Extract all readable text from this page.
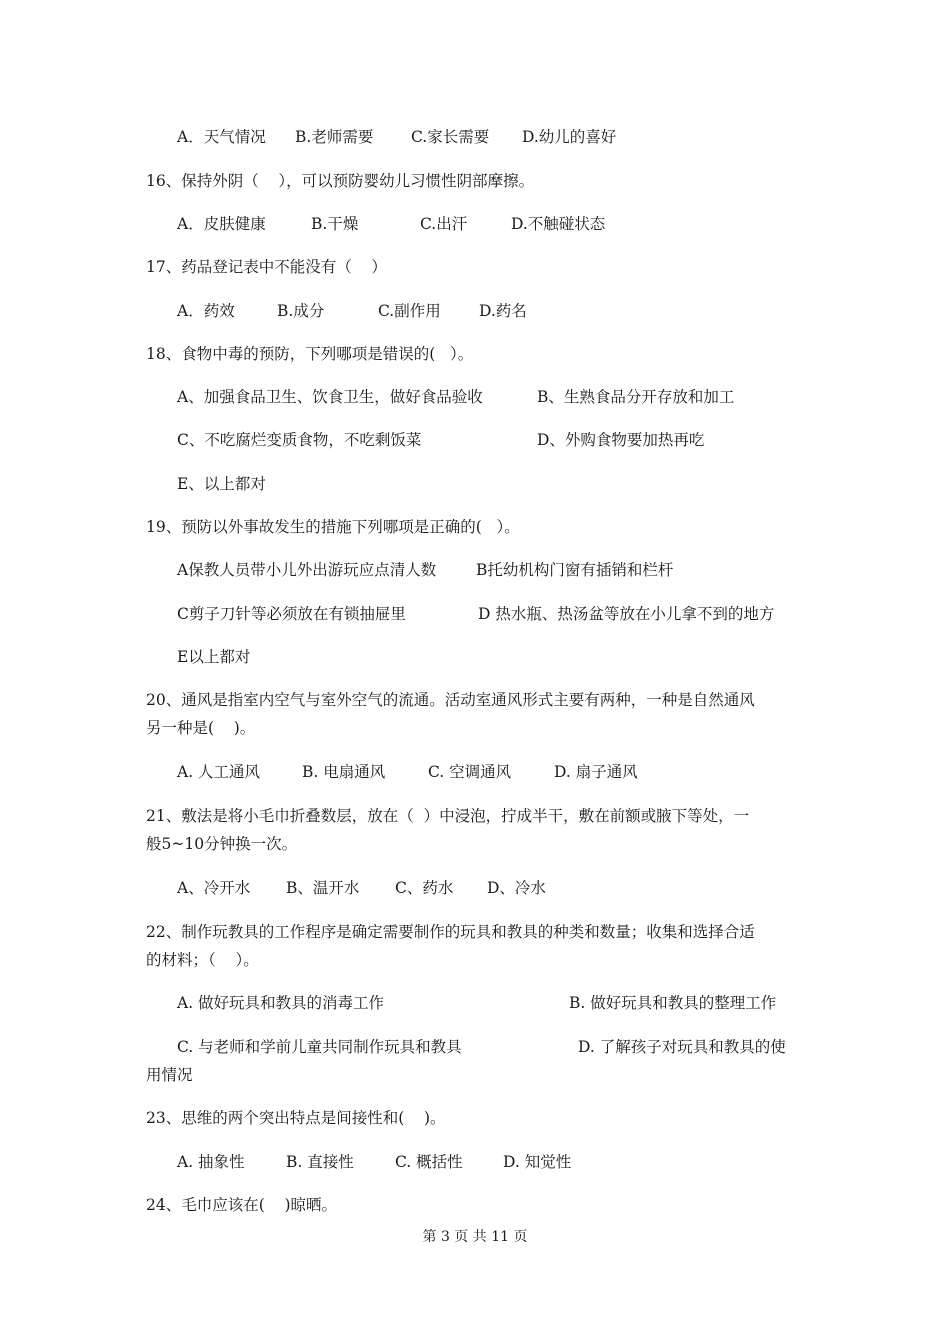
A．天气情况 B.老师需要 C.家长需要 D.幼儿的喜好
16、保持外阴（    ），可以预防婴幼儿习惯性阴部摩擦。
A．皮肤健康	B.干燥	C.出汗	D.不触碰状态
17、药品登记表中不能没有（    ）
A．药效	B.成分	C.副作用 D.药名
18、食物中毒的预防，下列哪项是错误的(   ）。
A、加强食品卫生、饮食卫生，做好食品验收	B、生熟食品分开存放和加工
C、不吃腐烂变质食物，不吃剩饭菜	D、外购食物要加热再吃
E、以上都对
19、预防以外事故发生的措施下列哪项是正确的(   ）。
A保教人员带小儿外出游玩应点清人数	B托幼机构门窗有插销和栏杆
C剪子刀针等必须放在有锁抽屉里	D 热水瓶、热汤盆等放在小儿拿不到的地方
E以上都对
20、通风是指室内空气与室外空气的流通。活动室通风形式主要有两种，一种是自然通风
另一种是(    )。
A. 人工通风	B. 电扇通风	C. 空调通风	D. 扇子通风
21、敷法是将小毛巾折叠数层，放在（  ）中浸泡，拧成半干，敷在前额或腋下等处，一
般5~10分钟换一次。
A、冷开水 B、温开水 C、药水 D、冷水
22、制作玩教具的工作程序是确定需要制作的玩具和教具的种类和数量；收集和选择合适
的材料；（    ）。
A. 做好玩具和教具的消毒工作	B. 做好玩具和教具的整理工作
C. 与老师和学前儿童共同制作玩具和教具	D. 了解孩子对玩具和教具的使
用情况
23、思维的两个突出特点是间接性和(    )。
A. 抽象性	B. 直接性	C. 概括性	D. 知觉性
24、毛巾应该在(    )晾晒。
第 3 页 共 11 页
